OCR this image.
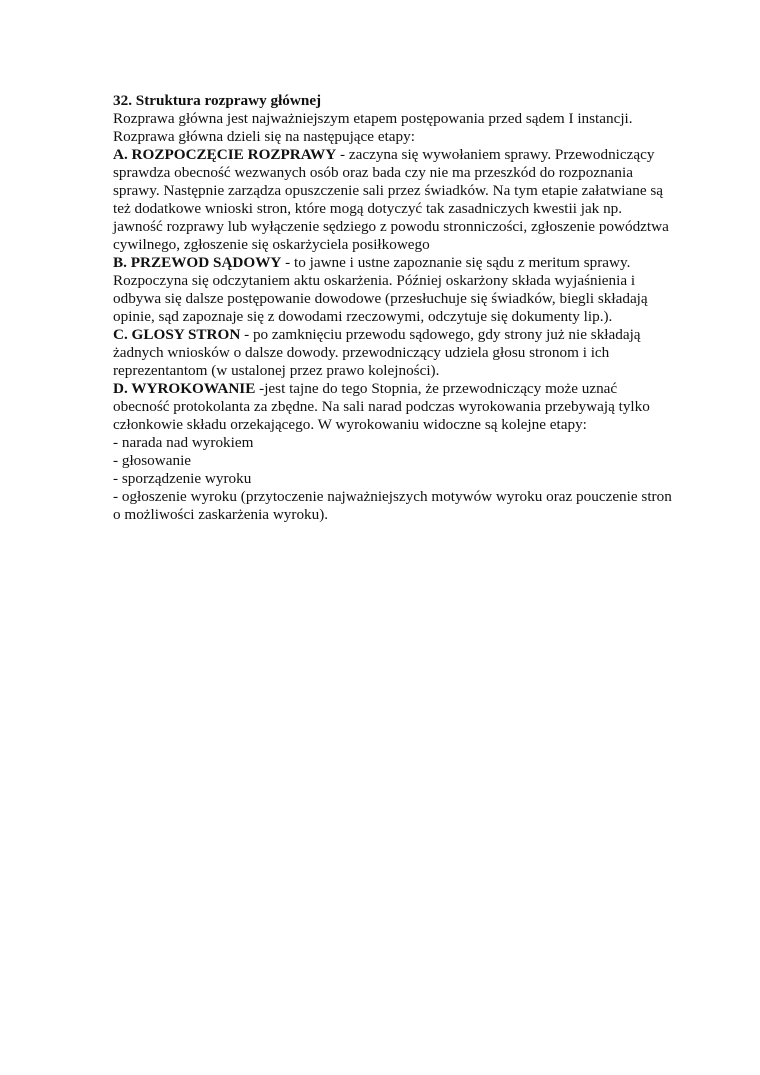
32. Struktura rozprawy głównej

Rozprawa główna jest najważniejszym etapem postępowania przed sądem I instancji. Rozprawa główna dzieli się na następujące etapy:

A. ROZPOCZĘCIE ROZPRAWY - zaczyna się wywołaniem sprawy. Przewodniczący sprawdza obecność wezwanych osób oraz bada czy nie ma przeszkód do rozpoznania sprawy. Następnie zarządza opuszczenie sali przez świadków. Na tym etapie załatwiane są też dodatkowe wnioski stron, które mogą dotyczyć tak zasadniczych kwestii jak np. jawność rozprawy lub wyłączenie sędziego z powodu stronniczości, zgłoszenie powództwa cywilnego, zgłoszenie się oskarżyciela posiłkowego

B. PRZEWOD SĄDOWY - to jawne i ustne zapoznanie się sądu z meritum sprawy. Rozpoczyna się odczytaniem aktu oskarżenia. Później oskarżony składa wyjaśnienia i odbywa się dalsze postępowanie dowodowe (przesłuchuje się świadków, biegli składają opinie, sąd zapoznaje się z dowodami rzeczowymi, odczytuje się dokumenty lip.).

C. GLOSY STRON - po zamknięciu przewodu sądowego, gdy strony już nie składają żadnych wniosków o dalsze dowody. przewodniczący udziela głosu stronom i ich reprezentantom (w ustalonej przez prawo kolejności).

D. WYROKOWANIE -jest tajne do tego Stopnia, że przewodniczący może uznać obecność protokolanta za zbędne. Na sali narad podczas wyrokowania przebywają tylko członkowie składu orzekającego. W wyrokowaniu widoczne są kolejne etapy:

- narada nad wyrokiem
- głosowanie
- sporządzenie wyroku
- ogłoszenie wyroku (przytoczenie najważniejszych motywów wyroku oraz pouczenie stron o możliwości zaskarżenia wyroku).
